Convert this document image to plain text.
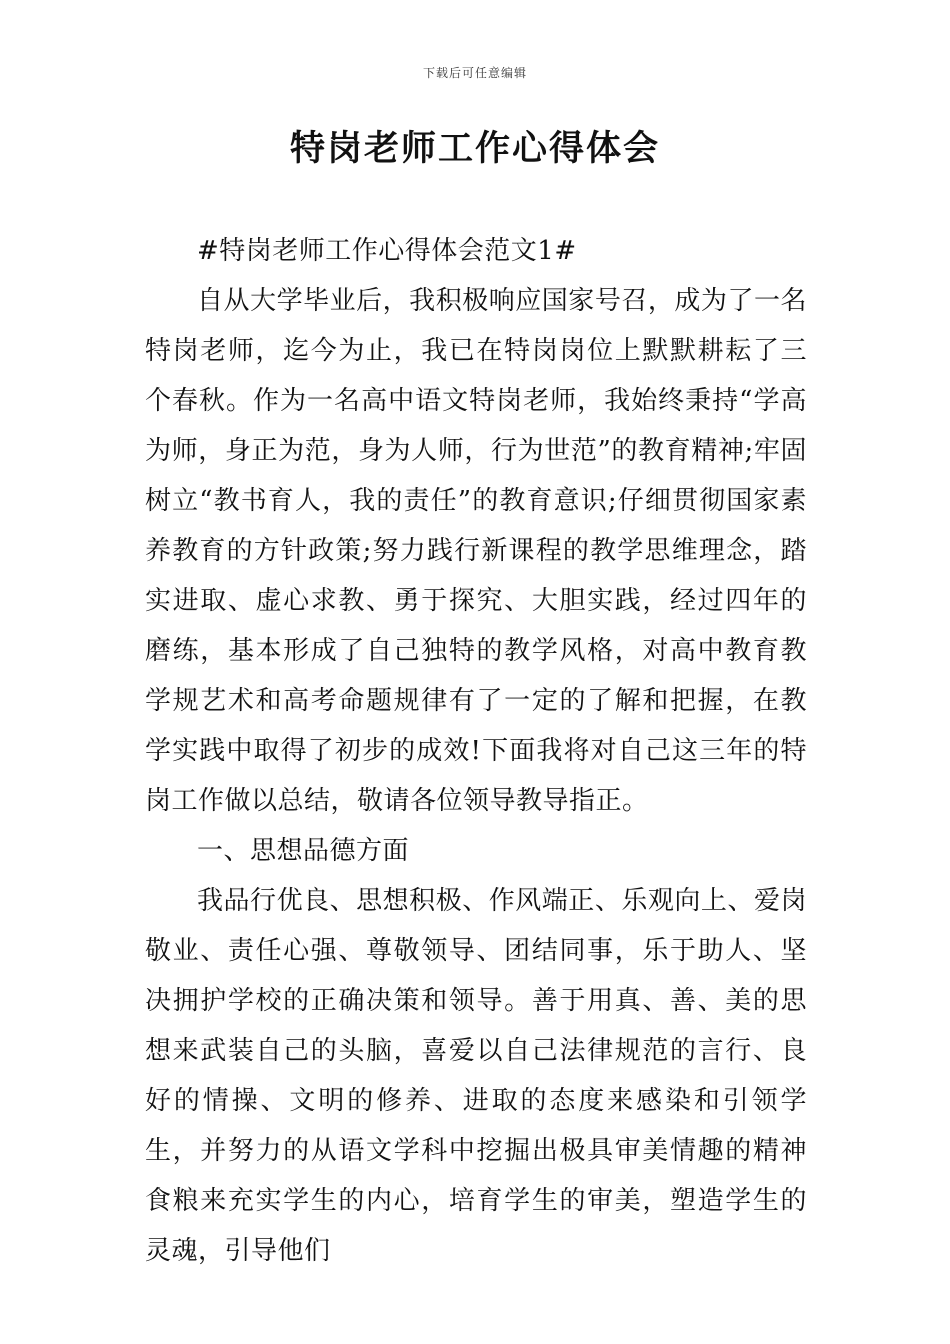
下载后可任意编辑
特岗老师工作心得体会

#特岗老师工作心得体会范文1#

自从大学毕业后，我积极响应国家号召，成为了一名特岗老师，迄今为止，我已在特岗岗位上默默耕耘了三个春秋。作为一名高中语文特岗老师，我始终秉持“学高为师，身正为范，身为人师，行为世范”的教育精神;牢固树立“教书育人，我的责任”的教育意识;仔细贯彻国家素养教育的方针政策;努力践行新课程的教学思维理念，踏实进取、虚心求教、勇于探究、大胆实践，经过四年的磨练，基本形成了自己独特的教学风格，对高中教育教学规艺术和高考命题规律有了一定的了解和把握，在教学实践中取得了初步的成效!下面我将对自己这三年的特岗工作做以总结，敬请各位领导教导指正。

一、思想品德方面

我品行优良、思想积极、作风端正、乐观向上、爱岗敬业、责任心强、尊敬领导、团结同事，乐于助人、坚决拥护学校的正确决策和领导。善于用真、善、美的思想来武装自己的头脑，喜爱以自己法律规范的言行、良好的情操、文明的修养、进取的态度来感染和引领学生，并努力的从语文学科中挖掘出极具审美情趣的精神食粮来充实学生的内心，培育学生的审美，塑造学生的灵魂，引导他们
